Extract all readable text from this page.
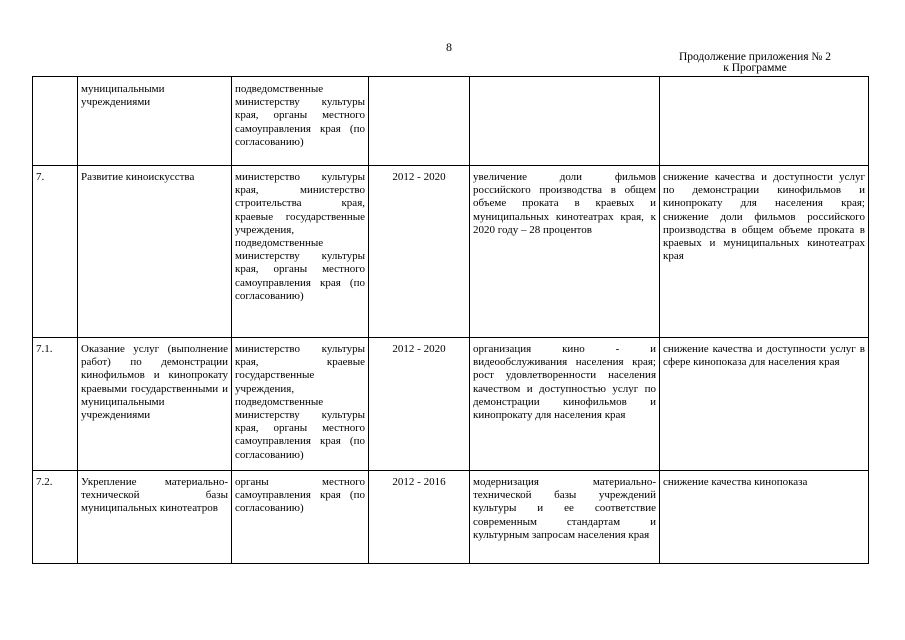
8
Продолжение приложения № 2
к Программе
	муниципальными учреждениями	подведомственные министерству культуры края, органы местного самоуправления края (по согласованию)			
7.	Развитие киноискусства	министерство культуры края, министерство строительства края, краевые государственные учреждения, подведомственные министерству культуры края, органы местного самоуправления края (по согласованию)	2012 - 2020	увеличение доли фильмов российского производства в общем объеме проката в краевых и муниципальных кинотеатрах края, к 2020 году – 28 процентов	снижение качества и доступности услуг по демонстрации кинофильмов и кинопрокату для населения края; снижение доли фильмов российского производства в общем объеме проката в краевых и муниципальных кинотеатрах края
7.1.	Оказание услуг (выполнение работ) по демонстрации кинофильмов и кинопрокату краевыми государственными и муниципальными учреждениями	министерство культуры края, краевые государственные учреждения, подведомственные министерству культуры края, органы местного самоуправления края (по согласованию)	2012 - 2020	организация кино - и видеообслуживания населения края; рост удовлетворенности населения качеством и доступностью услуг по демонстрации кинофильмов и кинопрокату для населения края	снижение качества и доступности услуг в сфере кинопоказа для населения края
7.2.	Укрепление материально-технической базы муниципальных кинотеатров	органы местного самоуправления края (по согласованию)	2012 - 2016	модернизация материально-технической базы учреждений культуры и ее соответствие современным стандартам и культурным запросам населения края	снижение качества кинопоказа
